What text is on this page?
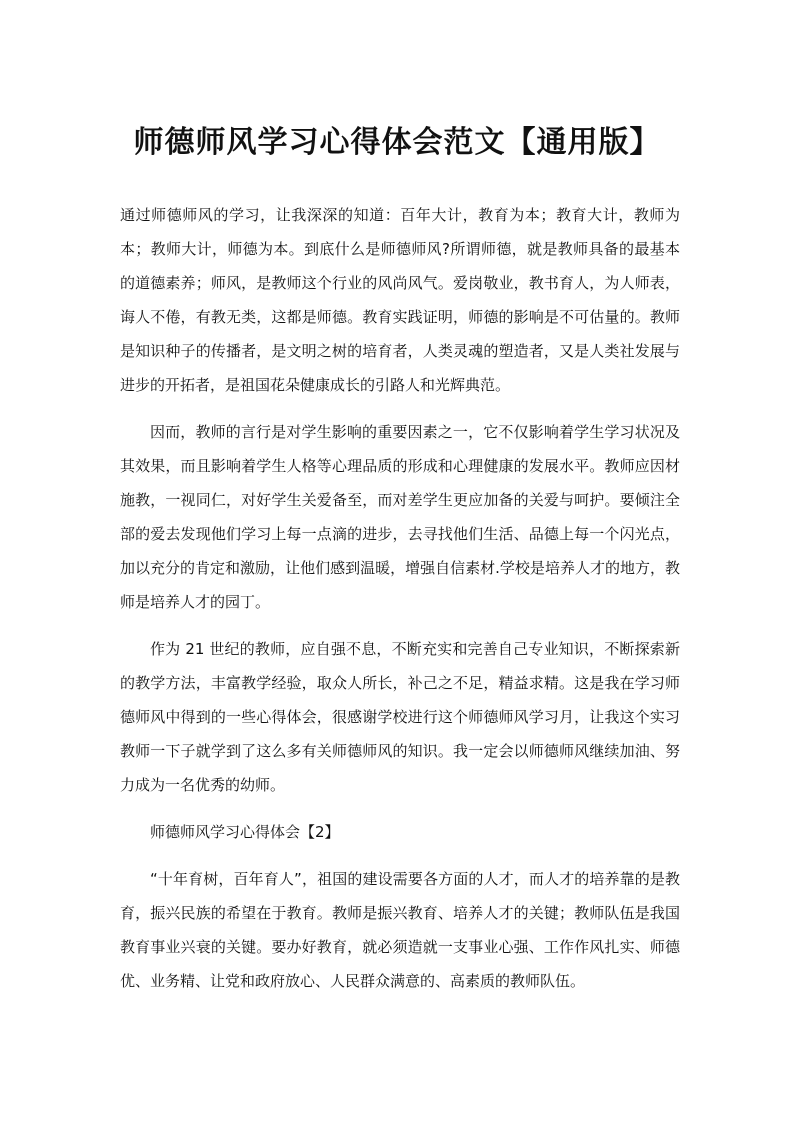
师德师风学习心得体会范文【通用版】

通过师德师风的学习，让我深深的知道：百年大计，教育为本；教育大计，教师为本；教师大计，师德为本。到底什么是师德师风?所谓师德，就是教师具备的最基本的道德素养；师风，是教师这个行业的风尚风气。爱岗敬业，教书育人，为人师表，诲人不倦，有教无类，这都是师德。教育实践证明，师德的影响是不可估量的。教师是知识种子的传播者，是文明之树的培育者，人类灵魂的塑造者，又是人类社发展与进步的开拓者，是祖国花朵健康成长的引路人和光辉典范。

因而，教师的言行是对学生影响的重要因素之一，它不仅影响着学生学习状况及其效果，而且影响着学生人格等心理品质的形成和心理健康的发展水平。教师应因材施教，一视同仁，对好学生关爱备至，而对差学生更应加备的关爱与呵护。要倾注全部的爱去发现他们学习上每一点滴的进步，去寻找他们生活、品德上每一个闪光点，加以充分的肯定和激励，让他们感到温暖，增强自信素材.学校是培养人才的地方，教师是培养人才的园丁。

作为 21 世纪的教师，应自强不息，不断充实和完善自己专业知识，不断探索新的教学方法，丰富教学经验，取众人所长，补己之不足，精益求精。这是我在学习师德师风中得到的一些心得体会，很感谢学校进行这个师德师风学习月，让我这个实习教师一下子就学到了这么多有关师德师风的知识。我一定会以师德师风继续加油、努力成为一名优秀的幼师。

师德师风学习心得体会【2】

“十年育树，百年育人”，祖国的建设需要各方面的人才，而人才的培养靠的是教育，振兴民族的希望在于教育。教师是振兴教育、培养人才的关键；教师队伍是我国教育事业兴衰的关键。要办好教育，就必须造就一支事业心强、工作作风扎实、师德优、业务精、让党和政府放心、人民群众满意的、高素质的教师队伍。
